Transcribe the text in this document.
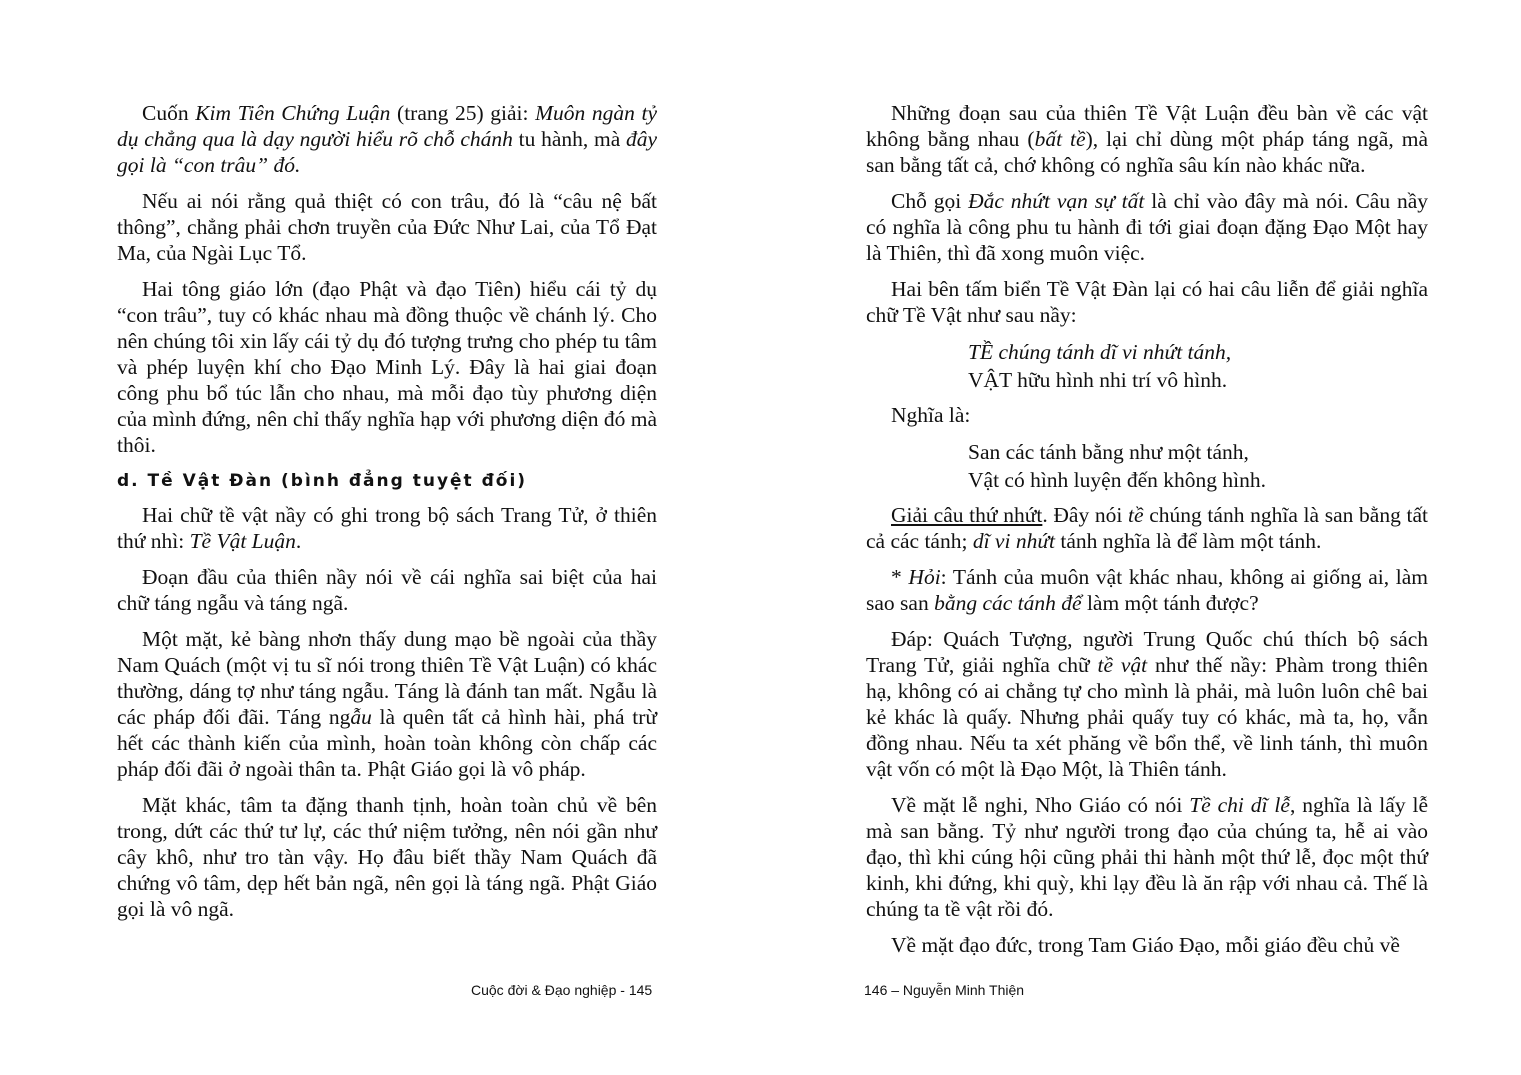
Cuốn Kim Tiên Chứng Luận (trang 25) giải: Muôn ngàn tỷ dụ chẳng qua là dạy người hiểu rõ chỗ chánh tu hành, mà đây gọi là “con trâu” đó.

Nếu ai nói rằng quả thiệt có con trâu, đó là “câu nệ bất thông”, chẳng phải chơn truyền của Đức Như Lai, của Tổ Đạt Ma, của Ngài Lục Tổ.

Hai tông giáo lớn (đạo Phật và đạo Tiên) hiểu cái tỷ dụ “con trâu”, tuy có khác nhau mà đồng thuộc về chánh lý. Cho nên chúng tôi xin lấy cái tỷ dụ đó tượng trưng cho phép tu tâm và phép luyện khí cho Đạo Minh Lý. Đây là hai giai đoạn công phu bổ túc lẫn cho nhau, mà mỗi đạo tùy phương diện của mình đứng, nên chỉ thấy nghĩa hạp với phương diện đó mà thôi.

d. Tề Vật Đàn (bình đẳng tuyệt đối)

Hai chữ tề vật nầy có ghi trong bộ sách Trang Tử, ở thiên thứ nhì: Tề Vật Luận.

Đoạn đầu của thiên nầy nói về cái nghĩa sai biệt của hai chữ táng ngẫu và táng ngã.

Một mặt, kẻ bàng nhơn thấy dung mạo bề ngoài của thầy Nam Quách (một vị tu sĩ nói trong thiên Tề Vật Luận) có khác thường, dáng tợ như táng ngẫu. Táng là đánh tan mất. Ngẫu là các pháp đối đãi. Táng ngẫu là quên tất cả hình hài, phá trừ hết các thành kiến của mình, hoàn toàn không còn chấp các pháp đối đãi ở ngoài thân ta. Phật Giáo gọi là vô pháp.

Mặt khác, tâm ta đặng thanh tịnh, hoàn toàn chủ về bên trong, dứt các thứ tư lự, các thứ niệm tưởng, nên nói gần như cây khô, như tro tàn vậy. Họ đâu biết thầy Nam Quách đã chứng vô tâm, dẹp hết bản ngã, nên gọi là táng ngã. Phật Giáo gọi là vô ngã.

Những đoạn sau của thiên Tề Vật Luận đều bàn về các vật không bằng nhau (bất tề), lại chỉ dùng một pháp táng ngã, mà san bằng tất cả, chớ không có nghĩa sâu kín nào khác nữa.

Chỗ gọi Đắc nhứt vạn sự tất là chỉ vào đây mà nói. Câu nầy có nghĩa là công phu tu hành đi tới giai đoạn đặng Đạo Một hay là Thiên, thì đã xong muôn việc.

Hai bên tấm biển Tề Vật Đàn lại có hai câu liễn để giải nghĩa chữ Tề Vật như sau nầy:

TỀ chúng tánh dĩ vi nhứt tánh,
VẬT hữu hình nhi trí vô hình.

Nghĩa là:

San các tánh bằng như một tánh,
Vật có hình luyện đến không hình.

Giải câu thứ nhứt. Đây nói tề chúng tánh nghĩa là san bằng tất cả các tánh; dĩ vi nhứt tánh nghĩa là để làm một tánh.

* Hỏi: Tánh của muôn vật khác nhau, không ai giống ai, làm sao san bằng các tánh để làm một tánh được?

Đáp: Quách Tượng, người Trung Quốc chú thích bộ sách Trang Tử, giải nghĩa chữ tề vật như thế nầy: Phàm trong thiên hạ, không có ai chẳng tự cho mình là phải, mà luôn luôn chê bai kẻ khác là quấy. Nhưng phải quấy tuy có khác, mà ta, họ, vẫn đồng nhau. Nếu ta xét phăng về bổn thể, về linh tánh, thì muôn vật vốn có một là Đạo Một, là Thiên tánh.

Về mặt lễ nghi, Nho Giáo có nói Tề chi dĩ lễ, nghĩa là lấy lễ mà san bằng. Tỷ như người trong đạo của chúng ta, hễ ai vào đạo, thì khi cúng hội cũng phải thi hành một thứ lễ, đọc một thứ kinh, khi đứng, khi quỳ, khi lạy đều là ăn rập với nhau cả. Thế là chúng ta tề vật rồi đó.

Về mặt đạo đức, trong Tam Giáo Đạo, mỗi giáo đều chủ về

Cuộc đời & Đạo nghiệp - 145	146 – Nguyễn Minh Thiện
